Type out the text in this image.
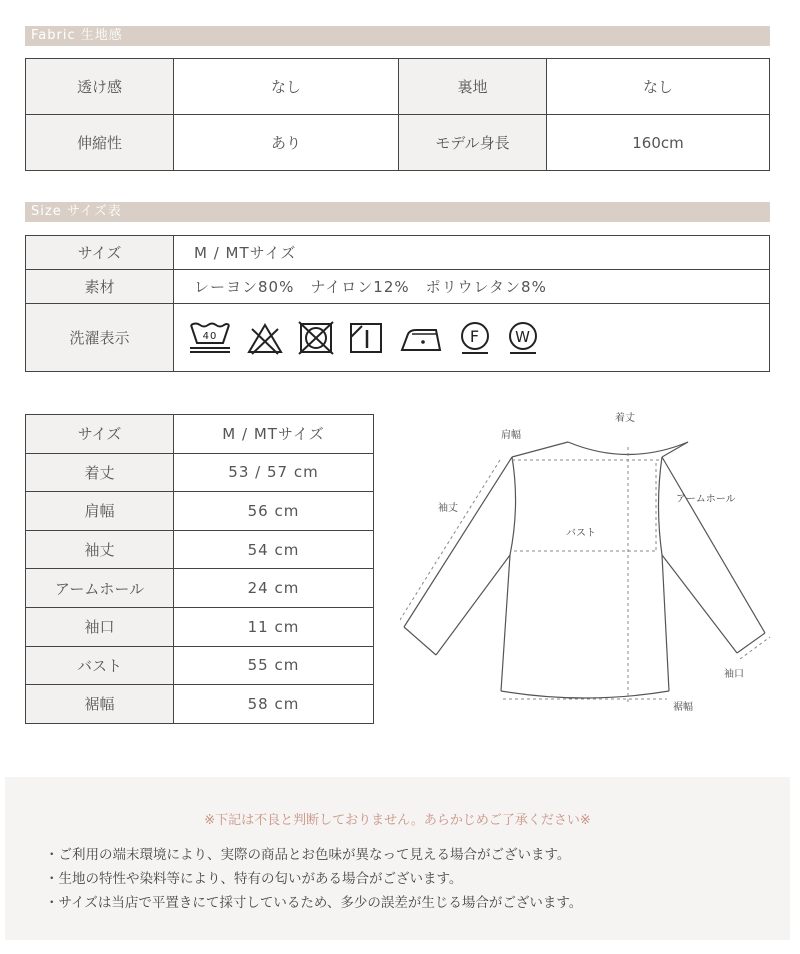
Fabric 生地感
透け感	なし	裏地	なし
伸縮性	あり	モデル身長	160cm
Size サイズ表
サイズ	M / MTサイズ
素材	レーヨン80%　ナイロン12%　ポリウレタン8%
洗濯表示	40 F W
サイズ	M / MTサイズ
着丈	53 / 57 cm
肩幅	56 cm
袖丈	54 cm
アームホール	24 cm
袖口	11 cm
バスト	55 cm
裾幅	58 cm
着丈
肩幅
袖丈
アームホール
バスト
袖口
裾幅
※下記は不良と判断しておりません。あらかじめご了承ください※
・ご利用の端末環境により、実際の商品とお色味が異なって見える場合がございます。
・生地の特性や染料等により、特有の匂いがある場合がございます。
・サイズは当店で平置きにて採寸しているため、多少の誤差が生じる場合がございます。
